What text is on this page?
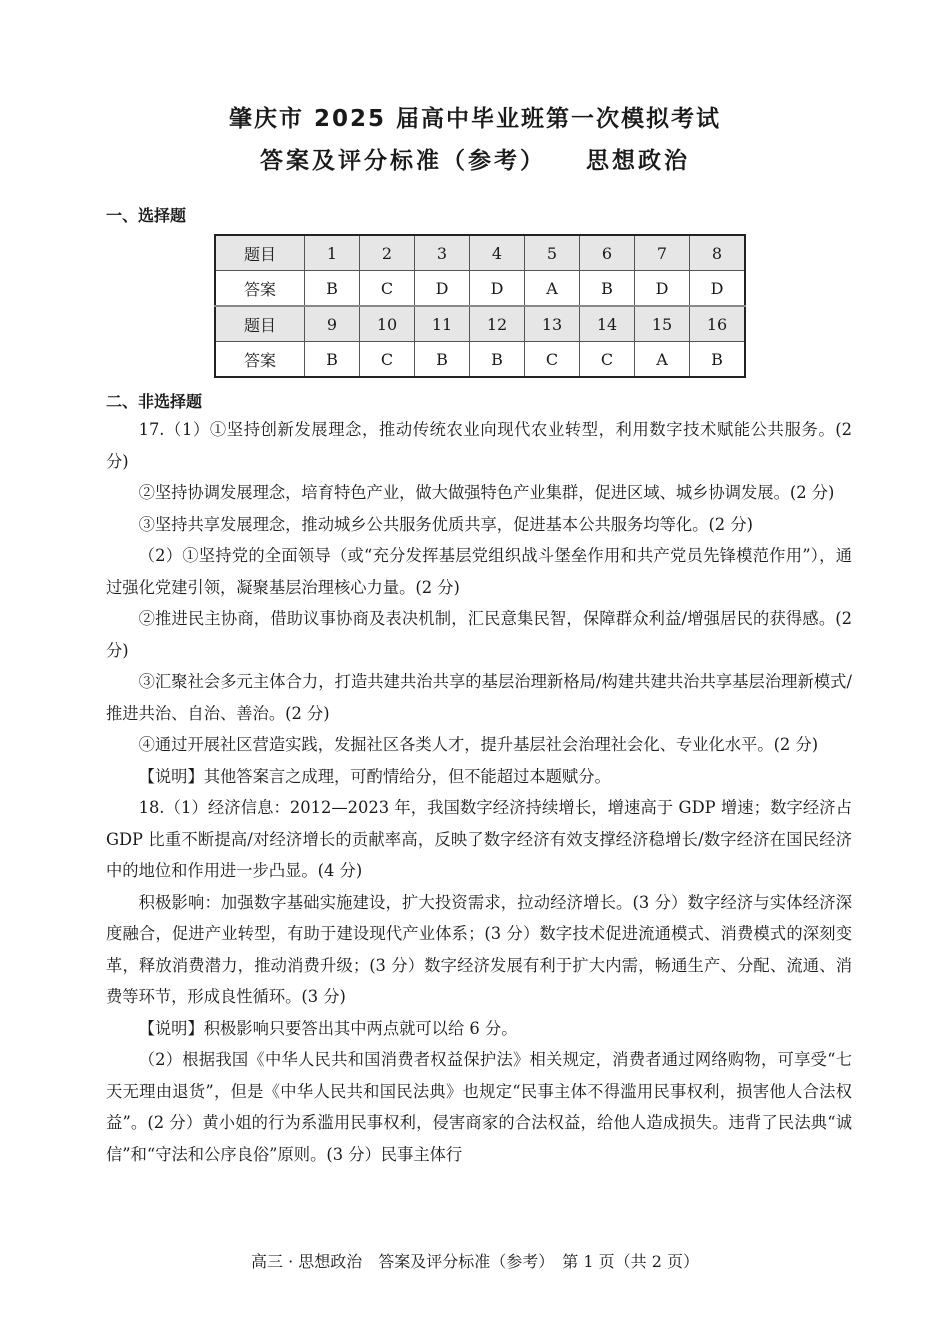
肇庆市 2025 届高中毕业班第一次模拟考试
答案及评分标准（参考） 思想政治
一、选择题
题目	1	2	3	4	5	6	7	8
答案	B	C	D	D	A	B	D	D
题目	9	10	11	12	13	14	15	16
答案	B	C	B	B	C	C	A	B
二、非选择题

17.（1）①坚持创新发展理念，推动传统农业向现代农业转型，利用数字技术赋能公共服务。(2 分)

②坚持协调发展理念，培育特色产业，做大做强特色产业集群，促进区域、城乡协调发展。(2 分)

③坚持共享发展理念，推动城乡公共服务优质共享，促进基本公共服务均等化。(2 分)

（2）①坚持党的全面领导（或“充分发挥基层党组织战斗堡垒作用和共产党员先锋模范作用”），通过强化党建引领，凝聚基层治理核心力量。(2 分)

②推进民主协商，借助议事协商及表决机制，汇民意集民智，保障群众利益/增强居民的获得感。(2 分)

③汇聚社会多元主体合力，打造共建共治共享的基层治理新格局/构建共建共治共享基层治理新模式/推进共治、自治、善治。(2 分)

④通过开展社区营造实践，发掘社区各类人才，提升基层社会治理社会化、专业化水平。(2 分)

【说明】其他答案言之成理，可酌情给分，但不能超过本题赋分。

18.（1）经济信息：2012—2023 年，我国数字经济持续增长，增速高于 GDP 增速；数字经济占 GDP 比重不断提高/对经济增长的贡献率高，反映了数字经济有效支撑经济稳增长/数字经济在国民经济中的地位和作用进一步凸显。(4 分)

积极影响：加强数字基础实施建设，扩大投资需求，拉动经济增长。(3 分）数字经济与实体经济深度融合，促进产业转型，有助于建设现代产业体系；(3 分）数字技术促进流通模式、消费模式的深刻变革，释放消费潜力，推动消费升级；(3 分）数字经济发展有利于扩大内需，畅通生产、分配、流通、消费等环节，形成良性循环。(3 分)

【说明】积极影响只要答出其中两点就可以给 6 分。

（2）根据我国《中华人民共和国消费者权益保护法》相关规定，消费者通过网络购物，可享受“七天无理由退货”，但是《中华人民共和国民法典》也规定“民事主体不得滥用民事权利，损害他人合法权益”。(2 分）黄小姐的行为系滥用民事权利，侵害商家的合法权益，给他人造成损失。违背了民法典“诚信”和“守法和公序良俗”原则。(3 分）民事主体行

高三 · 思想政治　答案及评分标准（参考）　第 1 页（共 2 页）
